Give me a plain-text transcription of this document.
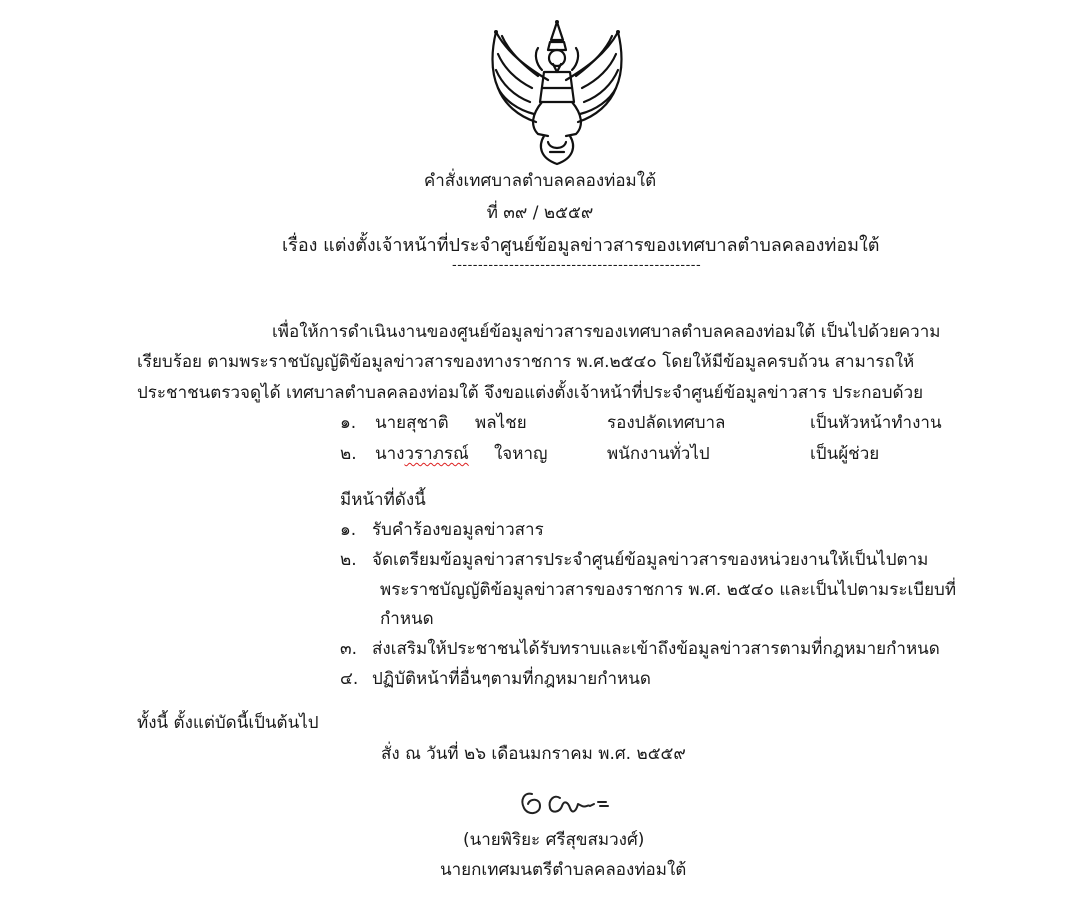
คำสั่งเทศบาลตำบลคลองท่อมใต้
ที่ ๓๙ / ๒๕๕๙
เรื่อง แต่งตั้งเจ้าหน้าที่ประจำศูนย์ข้อมูลข่าวสารของเทศบาลตำบลคลองท่อมใต้
------------------------------------------------
เพื่อให้การดำเนินงานของศูนย์ข้อมูลข่าวสารของเทศบาลตำบลคลองท่อมใต้ เป็นไปด้วยความ
เรียบร้อย ตามพระราชบัญญัติข้อมูลข่าวสารของทางราชการ พ.ศ.๒๕๔๐ โดยให้มีข้อมูลครบถ้วน สามารถให้
ประชาชนตรวจดูได้ เทศบาลตำบลคลองท่อมใต้ จึงขอแต่งตั้งเจ้าหน้าที่ประจำศูนย์ข้อมูลข่าวสาร ประกอบด้วย
๑. นายสุชาติ พลไชย	รองปลัดเทศบาล	เป็นหัวหน้าทำงาน
๒. นางวราภรณ์ ใจหาญ	พนักงานทั่วไป	เป็นผู้ช่วย
มีหน้าที่ดังนี้
๑. รับคำร้องขอมูลข่าวสาร
๒. จัดเตรียมข้อมูลข่าวสารประจำศูนย์ข้อมูลข่าวสารของหน่วยงานให้เป็นไปตาม
พระราชบัญญัติข้อมูลข่าวสารของราชการ พ.ศ. ๒๕๔๐ และเป็นไปตามระเบียบที่
กำหนด
๓. ส่งเสริมให้ประชาชนได้รับทราบและเข้าถึงข้อมูลข่าวสารตามที่กฎหมายกำหนด
๔. ปฏิบัติหน้าที่อื่นๆตามที่กฎหมายกำหนด
ทั้งนี้ ตั้งแต่บัดนี้เป็นต้นไป
สั่ง ณ วันที่ ๒๖ เดือนมกราคม พ.ศ. ๒๕๕๙
(นายพิริยะ ศรีสุขสมวงศ์)
นายกเทศมนตรีตำบลคลองท่อมใต้
